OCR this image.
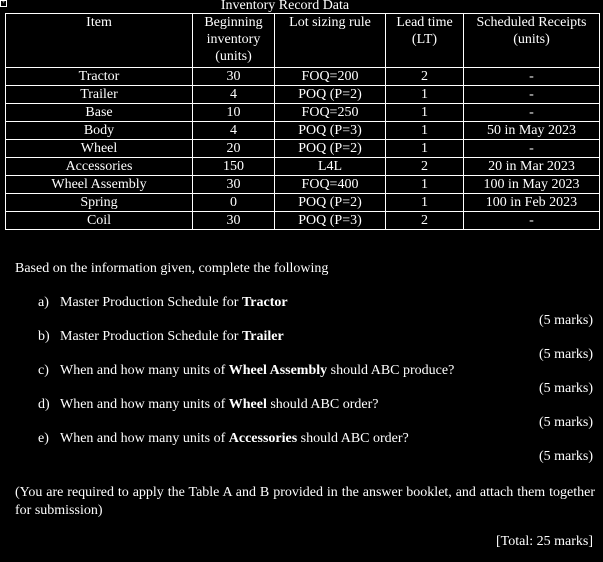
+	Inventory Record Data
Item	Beginning inventory (units)	Lot sizing rule	Lead time (LT)	Scheduled Receipts (units)
Tractor	30	FOQ=200	2	-
Trailer	4	POQ (P=2)	1	-
Base	10	FOQ=250	1	-
Body	4	POQ (P=3)	1	50 in May 2023
Wheel	20	POQ (P=2)	1	-
Accessories	150	L4L	2	20 in Mar 2023
Wheel Assembly	30	FOQ=400	1	100 in May 2023
Spring	0	POQ (P=2)	1	100 in Feb 2023
Coil	30	POQ (P=3)	2	-
Based on the information given, complete the following
a) Master Production Schedule for Tractor
(5 marks)
b) Master Production Schedule for Trailer
(5 marks)
c) When and how many units of Wheel Assembly should ABC produce?
(5 marks)
d) When and how many units of Wheel should ABC order?
(5 marks)
e) When and how many units of Accessories should ABC order?
(5 marks)
(You are required to apply the Table A and B provided in the answer booklet, and attach them together for submission)
[Total: 25 marks]
